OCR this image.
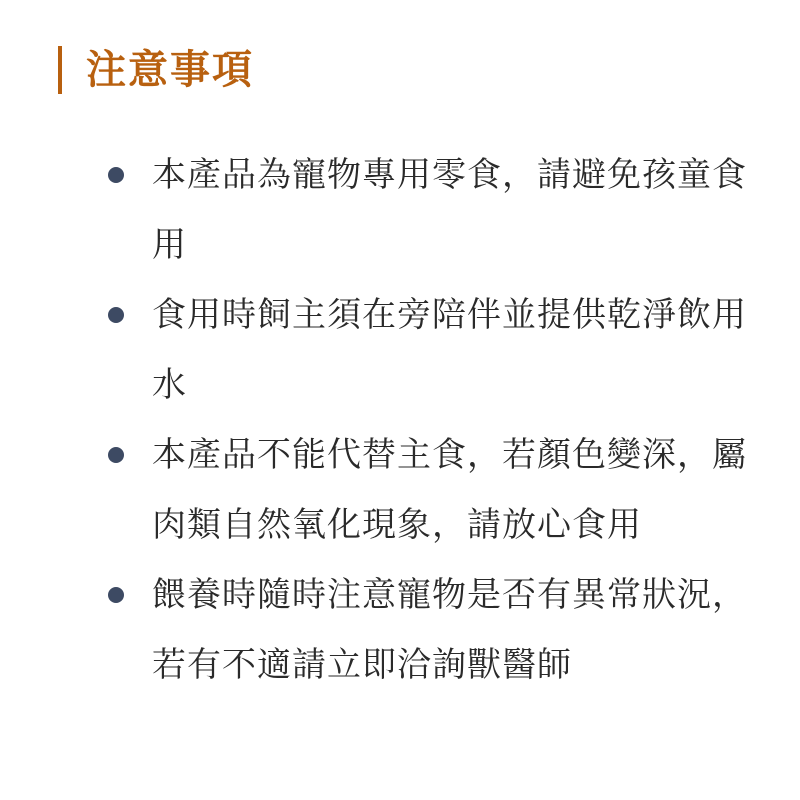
注意事項
本產品為寵物專用零食，請避免孩童食用
食用時飼主須在旁陪伴並提供乾淨飲用水
本產品不能代替主食，若顏色變深，屬肉類自然氧化現象，請放心食用
餵養時隨時注意寵物是否有異常狀況，若有不適請立即洽詢獸醫師
